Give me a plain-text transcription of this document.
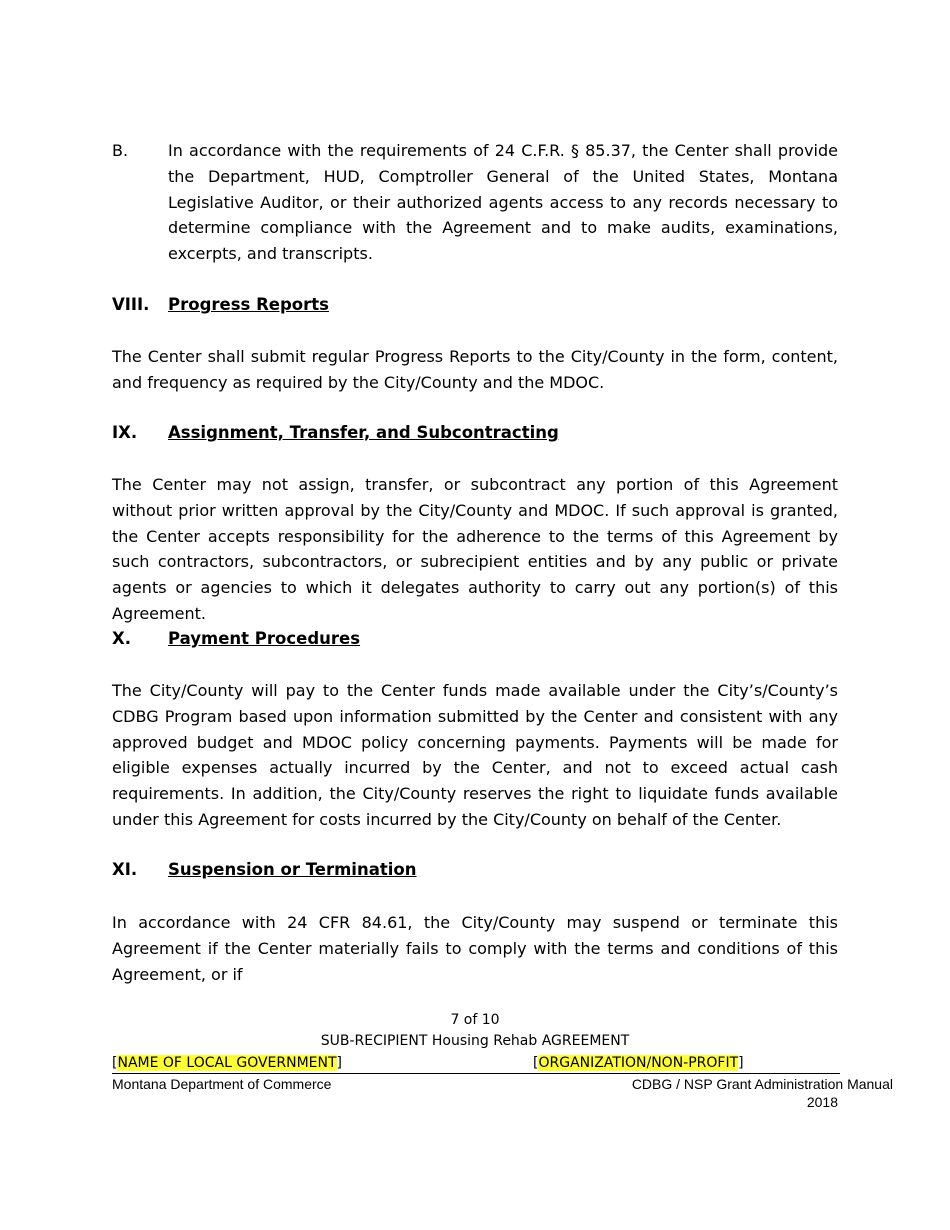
B. In accordance with the requirements of 24 C.F.R. § 85.37, the Center shall provide the Department, HUD, Comptroller General of the United States, Montana Legislative Auditor, or their authorized agents access to any records necessary to determine compliance with the Agreement and to make audits, examinations, excerpts, and transcripts.
VIII. Progress Reports
The Center shall submit regular Progress Reports to the City/County in the form, content, and frequency as required by the City/County and the MDOC.
IX. Assignment, Transfer, and Subcontracting
The Center may not assign, transfer, or subcontract any portion of this Agreement without prior written approval by the City/County and MDOC. If such approval is granted, the Center accepts responsibility for the adherence to the terms of this Agreement by such contractors, subcontractors, or subrecipient entities and by any public or private agents or agencies to which it delegates authority to carry out any portion(s) of this Agreement.
X. Payment Procedures
The City/County will pay to the Center funds made available under the City’s/County’s CDBG Program based upon information submitted by the Center and consistent with any approved budget and MDOC policy concerning payments. Payments will be made for eligible expenses actually incurred by the Center, and not to exceed actual cash requirements. In addition, the City/County reserves the right to liquidate funds available under this Agreement for costs incurred by the City/County on behalf of the Center.
XI. Suspension or Termination
In accordance with 24 CFR 84.61, the City/County may suspend or terminate this Agreement if the Center materially fails to comply with the terms and conditions of this Agreement, or if
7 of 10
SUB-RECIPIENT Housing Rehab AGREEMENT
[NAME OF LOCAL GOVERNMENT]	[ORGANIZATION/NON-PROFIT]
Montana Department of Commerce	CDBG / NSP Grant Administration Manual
2018
